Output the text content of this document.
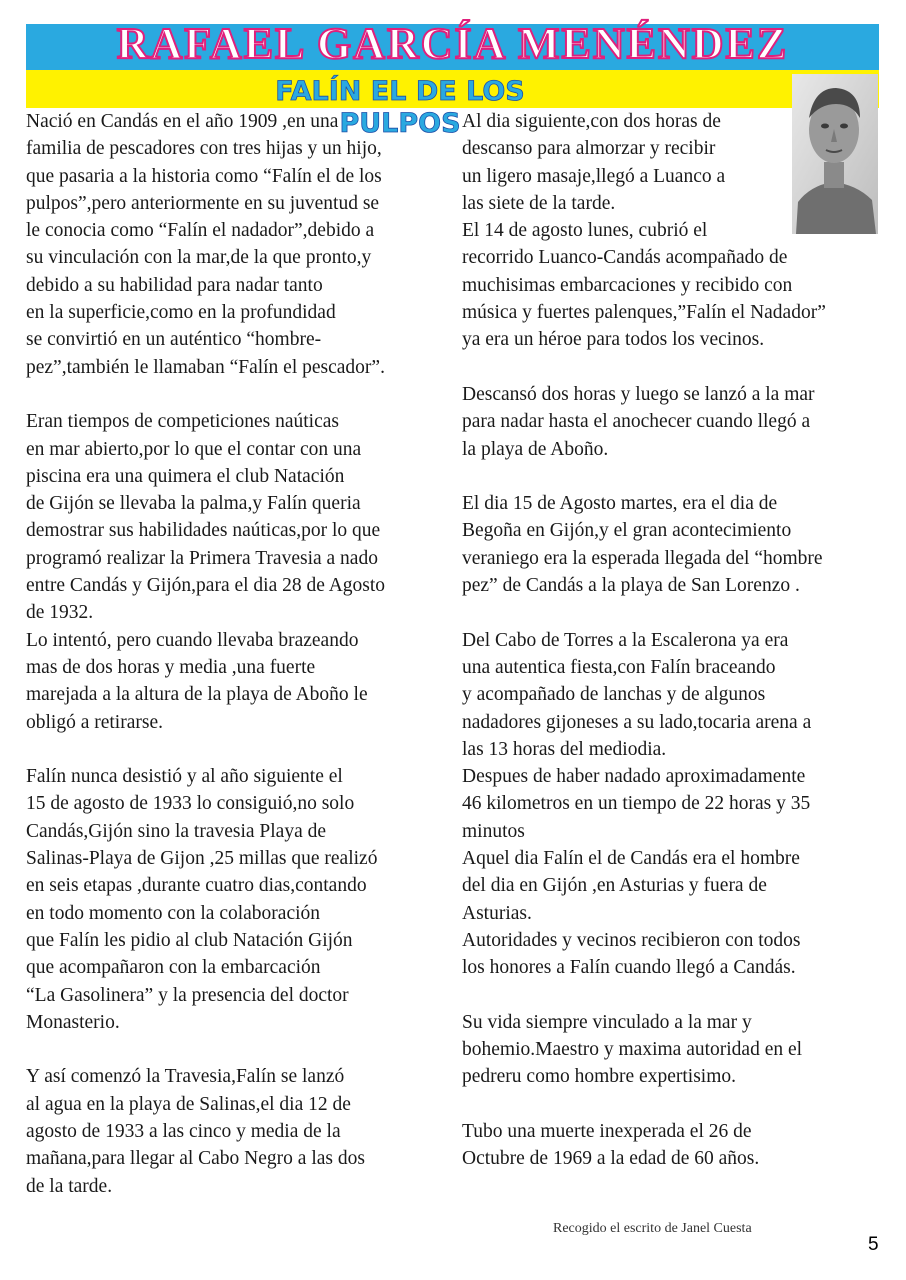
RAFAEL GARCÍA MENÉNDEZ
FALÍN EL DE LOS PULPOS

Nació en Candás en el año 1909 ,en una
familia de pescadores con tres hijas y un hijo,
que pasaria a la historia como “Falín el de los
pulpos”,pero anteriormente en su juventud se
le conocia como “Falín el nadador”,debido a
su vinculación con la mar,de la que pronto,y
debido a su habilidad para nadar tanto
en la superficie,como en la profundidad
se convirtió en un auténtico “hombre-
pez”,también le llamaban “Falín el pescador”.

Eran tiempos de competiciones naúticas
en mar abierto,por lo que el contar con una
piscina era una quimera el club Natación
de Gijón se llevaba la palma,y Falín queria
demostrar sus habilidades naúticas,por lo que
programó realizar la Primera Travesia a nado
entre Candás y Gijón,para el dia 28 de Agosto
de 1932.

Lo intentó, pero cuando llevaba brazeando
mas de dos horas y media ,una fuerte
marejada a la altura de la playa de Aboño le
obligó a retirarse.

Falín nunca desistió y al año siguiente el
15 de agosto de 1933 lo consiguió,no solo
Candás,Gijón sino la travesia Playa de
Salinas-Playa de Gijon ,25 millas que realizó
en seis etapas ,durante cuatro dias,contando
en todo momento con la colaboración
que Falín les pidio al club Natación Gijón
que acompañaron con la embarcación
“La Gasolinera” y la presencia del doctor
Monasterio.

Y así comenzó la Travesia,Falín se lanzó
al agua en la playa de Salinas,el dia 12 de
agosto de 1933 a las cinco y media de la
mañana,para llegar al Cabo Negro a las dos
de la tarde.

Al dia siguiente,con dos horas de
descanso para almorzar y recibir
un ligero masaje,llegó a Luanco a
las siete de la tarde.

El 14 de agosto lunes, cubrió el
recorrido Luanco-Candás acompañado de
muchisimas embarcaciones y recibido con
música y fuertes palenques,”Falín el Nadador”
ya era un héroe para todos los vecinos.

Descansó dos horas y luego se lanzó a la mar
para nadar hasta el anochecer cuando llegó a
la playa de Aboño.

El dia 15 de Agosto martes, era el dia de
Begoña en Gijón,y el gran acontecimiento
veraniego era la esperada llegada del “hombre
pez” de Candás a la playa de San Lorenzo .

Del Cabo de Torres a la Escalerona ya era
una autentica fiesta,con Falín braceando
y acompañado de lanchas y de algunos
nadadores gijoneses a su lado,tocaria arena a
las 13 horas del mediodia.

Despues de haber nadado aproximadamente
46 kilometros en un tiempo de 22 horas y 35
minutos

Aquel dia Falín el de Candás era el hombre
del dia en Gijón ,en Asturias y fuera de
Asturias.

Autoridades y vecinos recibieron con todos
los honores a Falín cuando llegó a Candás.

Su vida siempre vinculado a la mar y
bohemio.Maestro y maxima autoridad en el
pedreru como hombre expertisimo.

Tubo una muerte inexperada el 26 de
Octubre de 1969 a la edad de 60 años.

Recogido el escrito de Janel Cuesta
5
